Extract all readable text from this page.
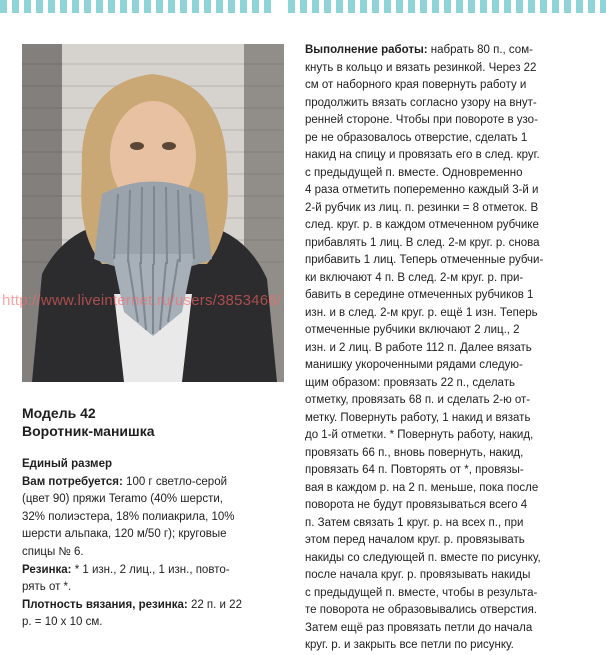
http://www.liveinternet.ru/users/3853466/

Модель 42

Воротник-манишка

Единый размер

Вам потребуется: 100 г светло-серой

(цвет 90) пряжи Teramo (40% шерсти,

32% полиэстера, 18% полиакрила, 10%

шерсти альпака, 120 м/50 г); круговые

спицы № 6.

Резинка: * 1 изн., 2 лиц., 1 изн., повто-

рять от *.

Плотность вязания, резинка: 22 п. и 22

р. = 10 х 10 см.

Выполнение работы: набрать 80 п., сом-
кнуть в кольцо и вязать резинкой. Через 22
см от наборного края повернуть работу и
продолжить вязать согласно узору на внут-
ренней стороне. Чтобы при повороте в узо-
ре не образовалось отверстие, сделать 1
накид на спицу и провязать его в след. круг.
с предыдущей п. вместе. Одновременно
4 раза отметить попеременно каждый 3-й и
2-й рубчик из лиц. п. резинки = 8 отметок. В
след. круг. р. в каждом отмеченном рубчике
прибавлять 1 лиц. В след. 2-м круг. р. снова
прибавить 1 лиц. Теперь отмеченные рубчи-
ки включают 4 п. В след. 2-м круг. р. при-
бавить в середине отмеченных рубчиков 1
изн. и в след. 2-м круг. р. ещё 1 изн. Теперь
отмеченные рубчики включают 2 лиц., 2
изн. и 2 лиц. В работе 112 п. Далее вязать
манишку укороченными рядами следую-
щим образом: провязать 22 п., сделать
отметку, провязать 68 п. и сделать 2-ю от-
метку. Повернуть работу, 1 накид и вязать
до 1-й отметки. * Повернуть работу, накид,
провязать 66 п., вновь повернуть, накид,
провязать 64 п. Повторять от *, провязы-
вая в каждом р. на 2 п. меньше, пока после
поворота не будут провязываться всего 4
п. Затем связать 1 круг. р. на всех п., при
этом перед началом круг. р. провязывать
накиды со следующей п. вместе по рисунку,
после начала круг. р. провязывать накиды
с предыдущей п. вместе, чтобы в результа-
те поворота не образовывались отверстия.
Затем ещё раз провязать петли до начала
круг. р. и закрыть все петли по рисунку.
